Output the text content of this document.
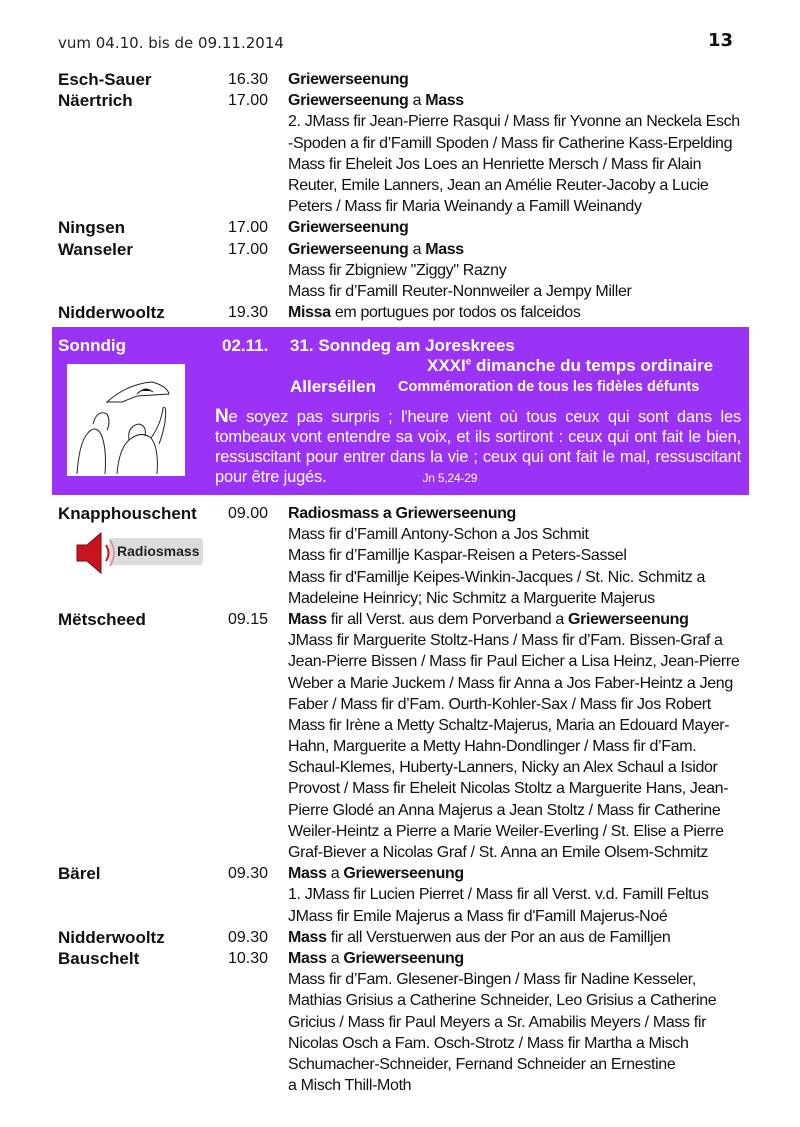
vum 04.10. bis de 09.11.2014	13
Esch-Sauer	16.30 Griewerseenung
Näertrich	17.00 Griewerseenung a Mass
2. JMass fir Jean-Pierre Rasqui / Mass fir Yvonne an Neckela Esch
-Spoden a fir d’Famill Spoden / Mass fir Catherine Kass-Erpelding
Mass fir Eheleit Jos Loes an Henriette Mersch / Mass fir Alain
Reuter, Emile Lanners, Jean an Amélie Reuter-Jacoby a Lucie
Peters / Mass fir Maria Weinandy a Famill Weinandy
Ningsen	17.00 Griewerseenung
Wanseler	17.00 Griewerseenung a Mass
Mass fir Zbigniew "Ziggy" Razny
Mass fir d’Famill Reuter-Nonnweiler a Jempy Miller
Nidderwooltz	19.30 Missa em portugues por todos os falceidos
Sonndig	02.11. 31. Sonndeg am Joreskrees
XXXIe dimanche du temps ordinaire
Allerséilen Commémoration de tous les fidèles défunts
Ne soyez pas surpris ; l'heure vient où tous ceux qui sont dans les tombeaux vont entendre sa voix, et ils sortiront : ceux qui ont fait le bien, ressuscitant pour entrer dans la vie ; ceux qui ont fait le mal, ressuscitant pour être jugés.	Jn 5,24-29
Radiosmass
Knapphouschent 09.00 Radiosmass a Griewerseenung
Mass fir d’Famill Antony-Schon a Jos Schmit
Mass fir d’Famillje Kaspar-Reisen a Peters-Sassel
Mass fir d'Famillje Keipes-Winkin-Jacques / St. Nic. Schmitz a
Madeleine Heinricy; Nic Schmitz a Marguerite Majerus
Mëtscheed	09.15 Mass fir all Verst. aus dem Porverband a Griewerseenung
JMass fir Marguerite Stoltz-Hans / Mass fir d’Fam. Bissen-Graf a
Jean-Pierre Bissen / Mass fir Paul Eicher a Lisa Heinz, Jean-Pierre
Weber a Marie Juckem / Mass fir Anna a Jos Faber-Heintz a Jeng
Faber / Mass fir d’Fam. Ourth-Kohler-Sax / Mass fir Jos Robert
Mass fir Irène a Metty Schaltz-Majerus, Maria an Edouard Mayer-
Hahn, Marguerite a Metty Hahn-Dondlinger / Mass fir d’Fam.
Schaul-Klemes, Huberty-Lanners, Nicky an Alex Schaul a Isidor
Provost / Mass fir Eheleit Nicolas Stoltz a Marguerite Hans, Jean-
Pierre Glodé an Anna Majerus a Jean Stoltz / Mass fir Catherine
Weiler-Heintz a Pierre a Marie Weiler-Everling / St. Elise a Pierre
Graf-Biever a Nicolas Graf / St. Anna an Emile Olsem-Schmitz
Bärel	09.30 Mass a Griewerseenung
1. JMass fir Lucien Pierret / Mass fir all Verst. v.d. Famill Feltus
JMass fir Emile Majerus a Mass fir d'Famill Majerus-Noé
Nidderwooltz	09.30 Mass fir all Verstuerwen aus der Por an aus de Familljen
Bauschelt	10.30 Mass a Griewerseenung
Mass fir d’Fam. Glesener-Bingen / Mass fir Nadine Kesseler,
Mathias Grisius a Catherine Schneider, Leo Grisius a Catherine
Gricius / Mass fir Paul Meyers a Sr. Amabilis Meyers / Mass fir
Nicolas Osch a Fam. Osch-Strotz / Mass fir Martha a Misch
Schumacher-Schneider, Fernand Schneider an Ernestine
a Misch Thill-Moth
